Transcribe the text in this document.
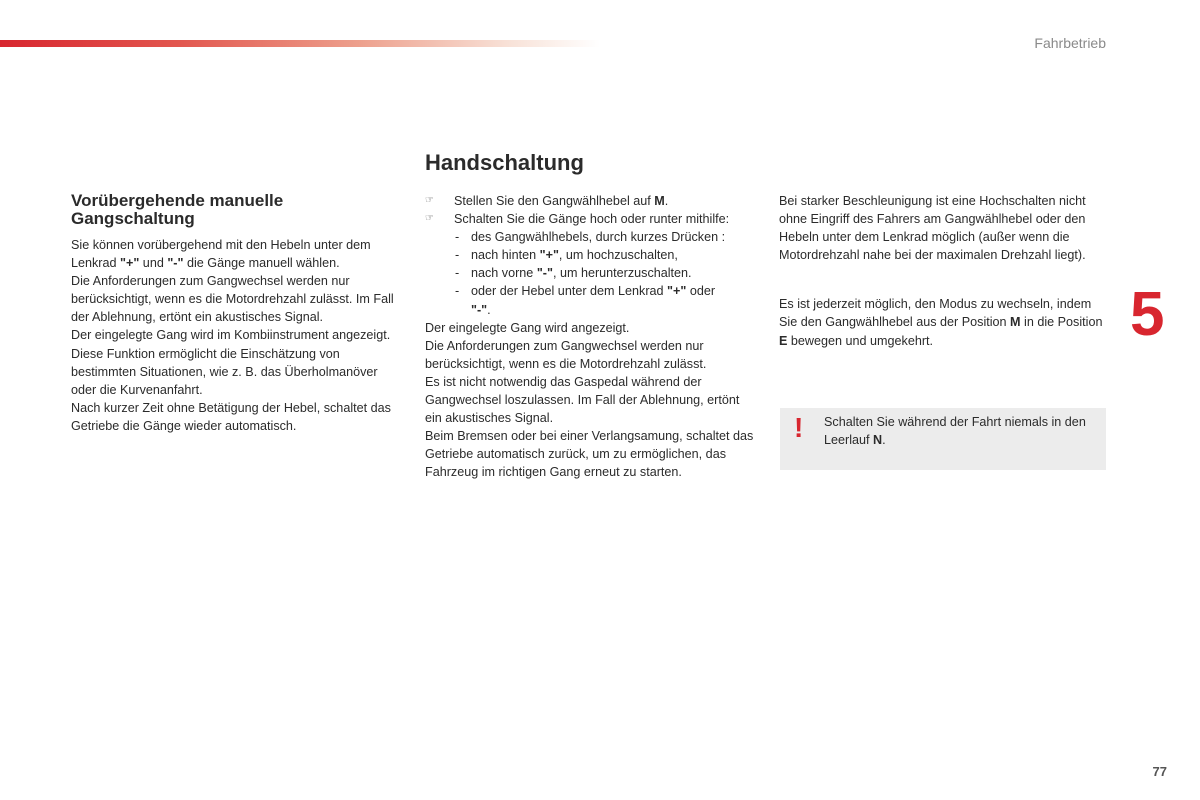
Fahrbetrieb
5
77
Vorübergehende manuelle Gangschaltung

Sie können vorübergehend mit den Hebeln unter dem Lenkrad "+" und "-" die Gänge manuell wählen.

Die Anforderungen zum Gangwechsel werden nur berücksichtigt, wenn es die Motordrehzahl zulässt. Im Fall der Ablehnung, ertönt ein akustisches Signal.

Der eingelegte Gang wird im Kombiinstrument angezeigt.

Diese Funktion ermöglicht die Einschätzung von bestimmten Situationen, wie z. B. das Überholmanöver oder die Kurvenanfahrt.

Nach kurzer Zeit ohne Betätigung der Hebel, schaltet das Getriebe die Gänge wieder automatisch.

Handschaltung
☞ Stellen Sie den Gangwählhebel auf M.
☞ Schalten Sie die Gänge hoch oder runter mithilfe:
- des Gangwählhebels, durch kurzes Drücken :
- nach hinten "+", um hochzuschalten,
- nach vorne "-", um herunterzuschalten.
- oder der Hebel unter dem Lenkrad "+" oder
"-".

Der eingelegte Gang wird angezeigt.

Die Anforderungen zum Gangwechsel werden nur berücksichtigt, wenn es die Motordrehzahl zulässt.

Es ist nicht notwendig das Gaspedal während der Gangwechsel loszulassen. Im Fall der Ablehnung, ertönt ein akustisches Signal.

Beim Bremsen oder bei einer Verlangsamung, schaltet das Getriebe automatisch zurück, um zu ermöglichen, das Fahrzeug im richtigen Gang erneut zu starten.

Bei starker Beschleunigung ist eine Hochschalten nicht ohne Eingriff des Fahrers am Gangwählhebel oder den Hebeln unter dem Lenkrad möglich (außer wenn die Motordrehzahl nahe bei der maximalen Drehzahl liegt).

Es ist jederzeit möglich, den Modus zu wechseln, indem Sie den Gangwählhebel aus der Position M in die Position E bewegen und umgekehrt.

! Schalten Sie während der Fahrt niemals in den Leerlauf N.
